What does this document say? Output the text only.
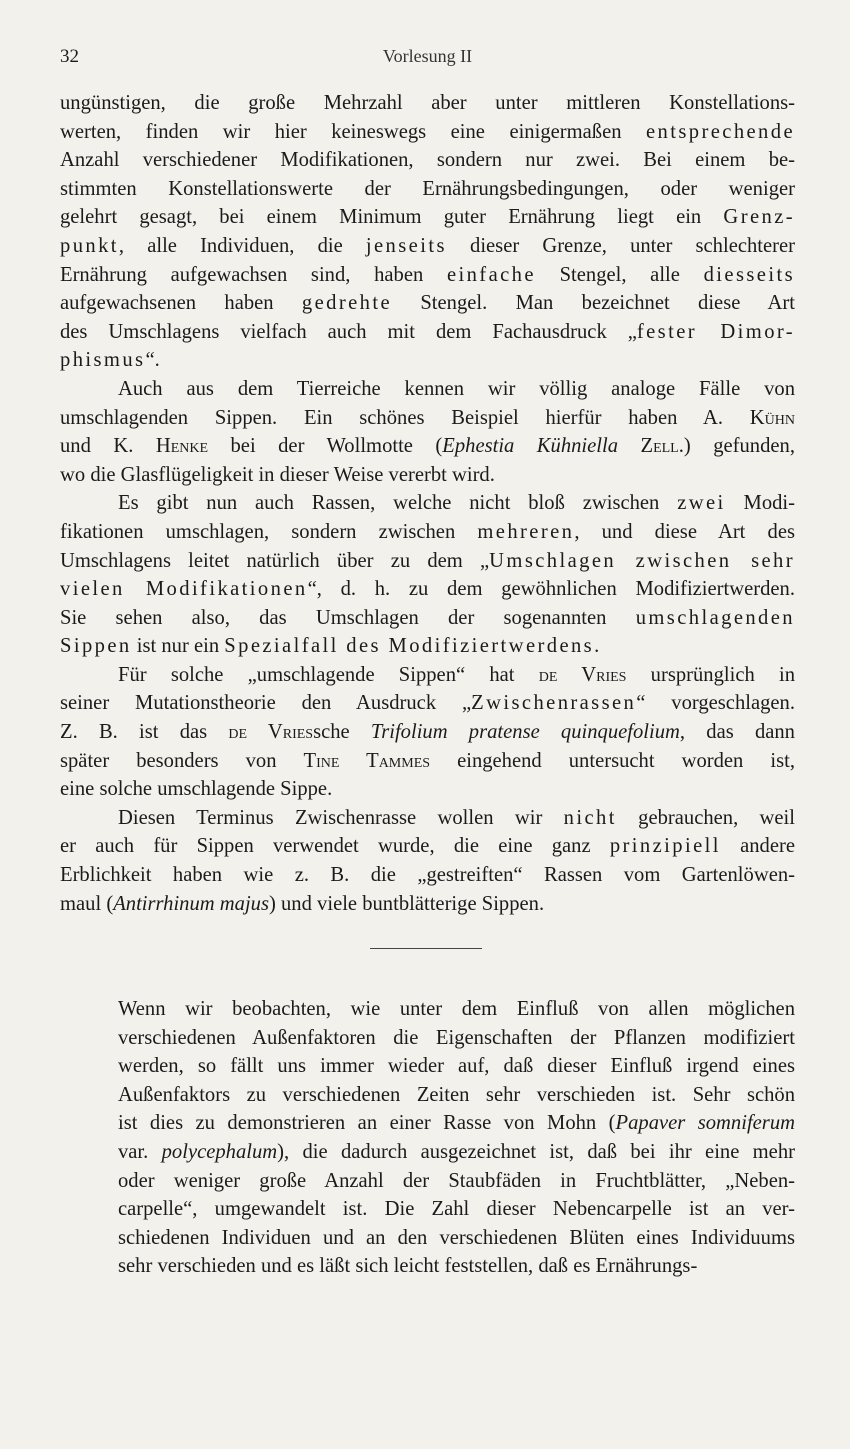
32	Vorlesung II

ungünstigen, die große Mehrzahl aber unter mittleren Konstellations-
werten, finden wir hier keineswegs eine einigermaßen entsprechende
Anzahl verschiedener Modifikationen, sondern nur zwei. Bei einem be-
stimmten Konstellationswerte der Ernährungsbedingungen, oder weniger
gelehrt gesagt, bei einem Minimum guter Ernährung liegt ein Grenz-
punkt, alle Individuen, die jenseits dieser Grenze, unter schlechterer
Ernährung aufgewachsen sind, haben einfache Stengel, alle diesseits
aufgewachsenen haben gedrehte Stengel. Man bezeichnet diese Art
des Umschlagens vielfach auch mit dem Fachausdruck „fester Dimor-
phismus“.

Auch aus dem Tierreiche kennen wir völlig analoge Fälle von
umschlagenden Sippen. Ein schönes Beispiel hierfür haben A. Kühn
und K. Henke bei der Wollmotte (Ephestia Kühniella Zell.) gefunden,
wo die Glasflügeligkeit in dieser Weise vererbt wird.

Es gibt nun auch Rassen, welche nicht bloß zwischen zwei Modi-
fikationen umschlagen, sondern zwischen mehreren, und diese Art des
Umschlagens leitet natürlich über zu dem „Umschlagen zwischen sehr
vielen Modifikationen“, d. h. zu dem gewöhnlichen Modifiziertwerden.
Sie sehen also, das Umschlagen der sogenannten umschlagenden
Sippen ist nur ein Spezialfall des Modifiziertwerdens.

Für solche „umschlagende Sippen“ hat de Vries ursprünglich in
seiner Mutationstheorie den Ausdruck „Zwischenrassen“ vorgeschlagen.
Z. B. ist das de Vriessche Trifolium pratense quinquefolium, das dann
später besonders von Tine Tammes eingehend untersucht worden ist,
eine solche umschlagende Sippe.

Diesen Terminus Zwischenrasse wollen wir nicht gebrauchen, weil
er auch für Sippen verwendet wurde, die eine ganz prinzipiell andere
Erblichkeit haben wie z. B. die „gestreiften“ Rassen vom Gartenlöwen-
maul (Antirrhinum majus) und viele buntblätterige Sippen.

Wenn wir beobachten, wie unter dem Einfluß von allen möglichen
verschiedenen Außenfaktoren die Eigenschaften der Pflanzen modifiziert
werden, so fällt uns immer wieder auf, daß dieser Einfluß irgend eines
Außenfaktors zu verschiedenen Zeiten sehr verschieden ist. Sehr schön
ist dies zu demonstrieren an einer Rasse von Mohn (Papaver somniferum
var. polycephalum), die dadurch ausgezeichnet ist, daß bei ihr eine mehr
oder weniger große Anzahl der Staubfäden in Fruchtblätter, „Neben-
carpelle“, umgewandelt ist. Die Zahl dieser Nebencarpelle ist an ver-
schiedenen Individuen und an den verschiedenen Blüten eines Individuums
sehr verschieden und es läßt sich leicht feststellen, daß es Ernährungs-
